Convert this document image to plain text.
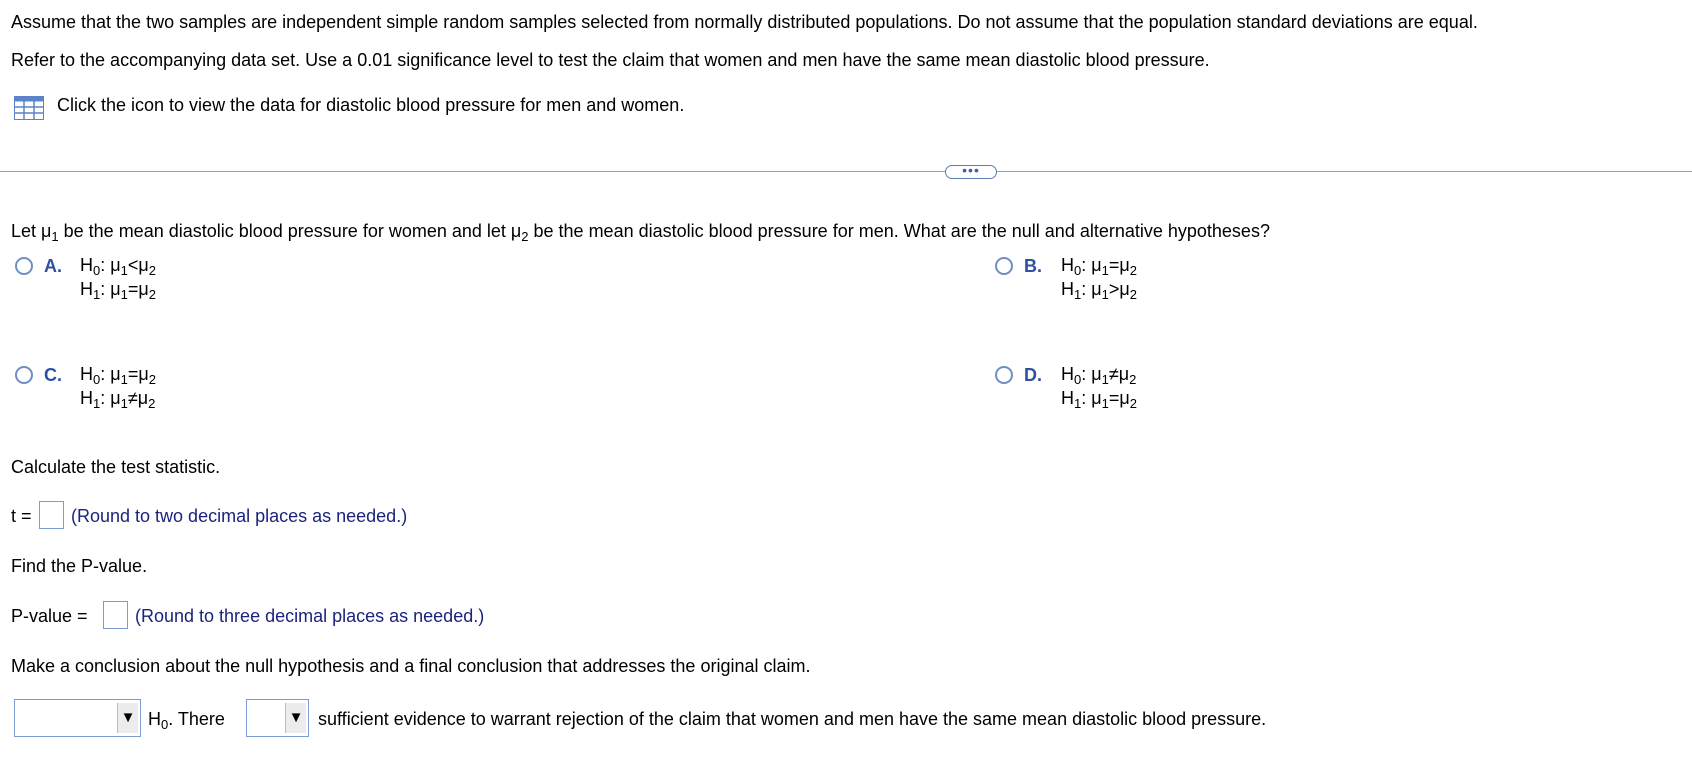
Assume that the two samples are independent simple random samples selected from normally distributed populations. Do not assume that the population standard deviations are equal.
Refer to the accompanying data set. Use a 0.01 significance level to test the claim that women and men have the same mean diastolic blood pressure.
Click the icon to view the data for diastolic blood pressure for men and women.
•••
Let $\mu_1$ be the mean diastolic blood pressure for women and let $\mu_2$ be the mean diastolic blood pressure for men. What are the null and alternative hypotheses?
A. $H_0$: $\mu_1<\mu_2$
$H_1$: $\mu_1=\mu_2$
B. $H_0$: $\mu_1=\mu_2$
$H_1$: $\mu_1>\mu_2$
C. $H_0$: $\mu_1=\mu_2$
$H_1$: $\mu_1\ne\mu_2$
D. $H_0$: $\mu_1\ne\mu_2$
$H_1$: $\mu_1=\mu_2$
Calculate the test statistic.
t = (Round to two decimal places as needed.)
Find the P-value.
P-value =	(Round to three decimal places as needed.)
Make a conclusion about the null hypothesis and a final conclusion that addresses the original claim.
▼ $H_0$. There	▼ sufficient evidence to warrant rejection of the claim that women and men have the same mean diastolic blood pressure.
